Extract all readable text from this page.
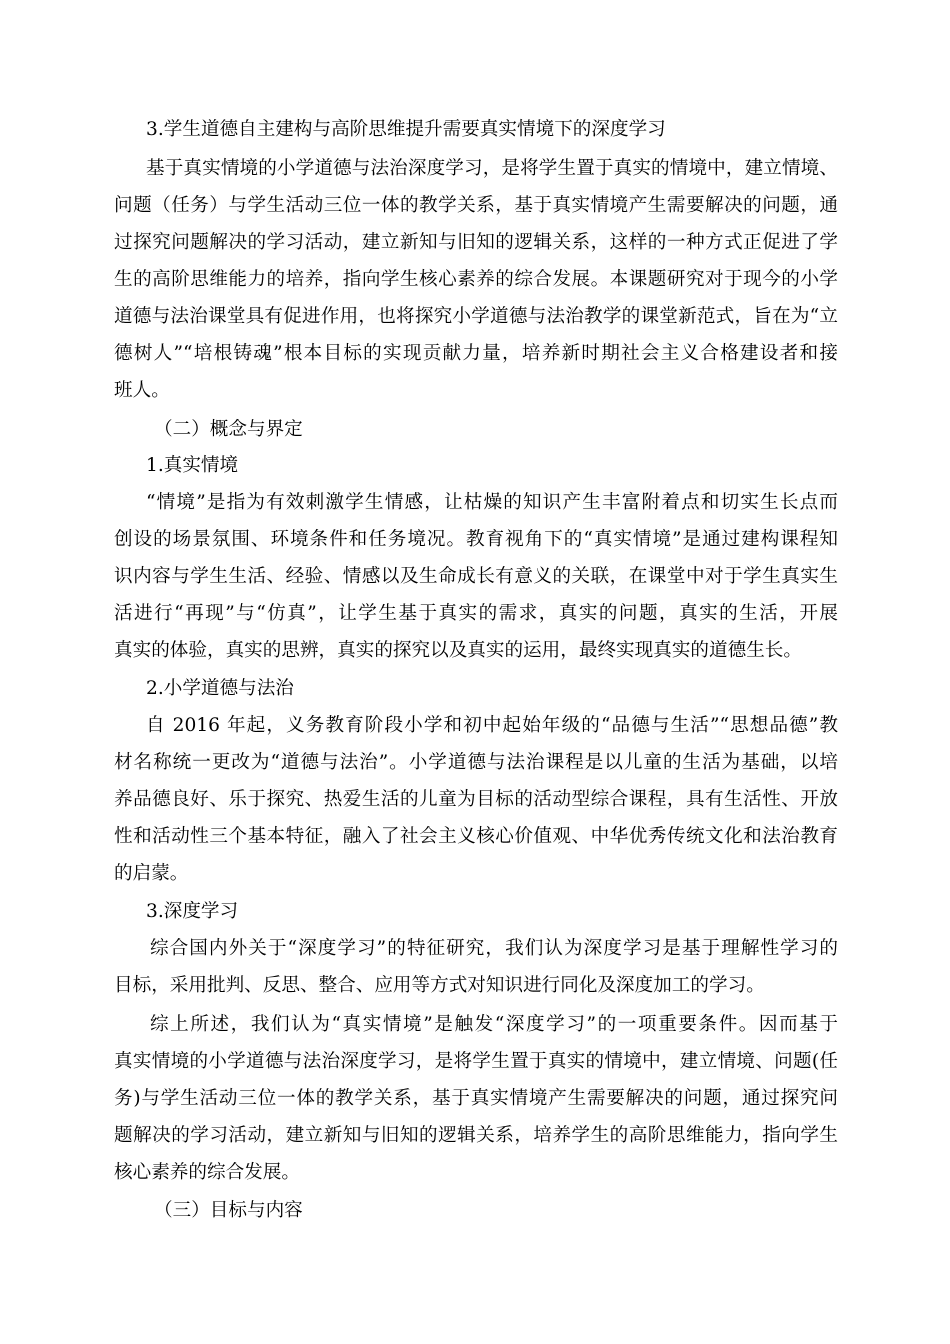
3.学生道德自主建构与高阶思维提升需要真实情境下的深度学习
基于真实情境的小学道德与法治深度学习，是将学生置于真实的情境中，建立情境、
问题（任务）与学生活动三位一体的教学关系，基于真实情境产生需要解决的问题，通
过探究问题解决的学习活动，建立新知与旧知的逻辑关系，这样的一种方式正促进了学
生的高阶思维能力的培养，指向学生核心素养的综合发展。本课题研究对于现今的小学
道德与法治课堂具有促进作用，也将探究小学道德与法治教学的课堂新范式，旨在为“立
德树人”“培根铸魂”根本目标的实现贡献力量，培养新时期社会主义合格建设者和接
班人。
（二）概念与界定
1.真实情境
“情境”是指为有效刺激学生情感，让枯燥的知识产生丰富附着点和切实生长点而
创设的场景氛围、环境条件和任务境况。教育视角下的“真实情境”是通过建构课程知
识内容与学生生活、经验、情感以及生命成长有意义的关联，在课堂中对于学生真实生
活进行“再现”与“仿真”，让学生基于真实的需求，真实的问题，真实的生活，开展
真实的体验，真实的思辨，真实的探究以及真实的运用，最终实现真实的道德生长。
2.小学道德与法治
自 2016 年起，义务教育阶段小学和初中起始年级的“品德与生活”“思想品德”教
材名称统一更改为“道德与法治”。小学道德与法治课程是以儿童的生活为基础，以培
养品德良好、乐于探究、热爱生活的儿童为目标的活动型综合课程，具有生活性、开放
性和活动性三个基本特征，融入了社会主义核心价值观、中华优秀传统文化和法治教育
的启蒙。
3.深度学习
综合国内外关于“深度学习”的特征研究，我们认为深度学习是基于理解性学习的
目标，采用批判、反思、整合、应用等方式对知识进行同化及深度加工的学习。
综上所述，我们认为“真实情境”是触发“深度学习”的一项重要条件。因而基于
真实情境的小学道德与法治深度学习，是将学生置于真实的情境中，建立情境、问题(任
务)与学生活动三位一体的教学关系，基于真实情境产生需要解决的问题，通过探究问
题解决的学习活动，建立新知与旧知的逻辑关系，培养学生的高阶思维能力，指向学生
核心素养的综合发展。
（三）目标与内容
